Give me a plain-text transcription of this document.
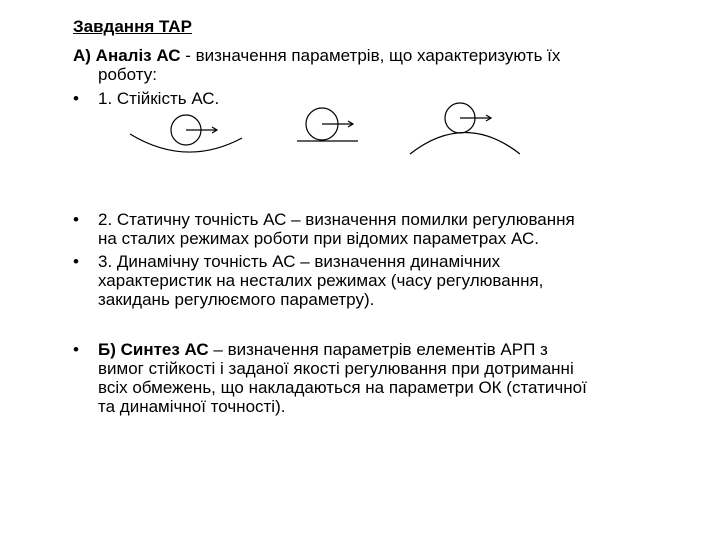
Завдання ТАР
А) Аналіз АС - визначення параметрів, що характеризують їх
роботу:
• 1. Стійкість АС.
• 2. Статичну точність АС – визначення помилки регулювання
на сталих режимах роботи при відомих параметрах АС.
• 3. Динамічну точність АС – визначення динамічних
характеристик на несталих режимах (часу регулювання,
закидань регулюємого параметру).
• Б) Синтез АС – визначення параметрів елементів АРП з
вимог стійкості і заданої якості регулювання при дотриманні
всіх обмежень, що накладаються на параметри ОК (статичної
та динамічної точності).
